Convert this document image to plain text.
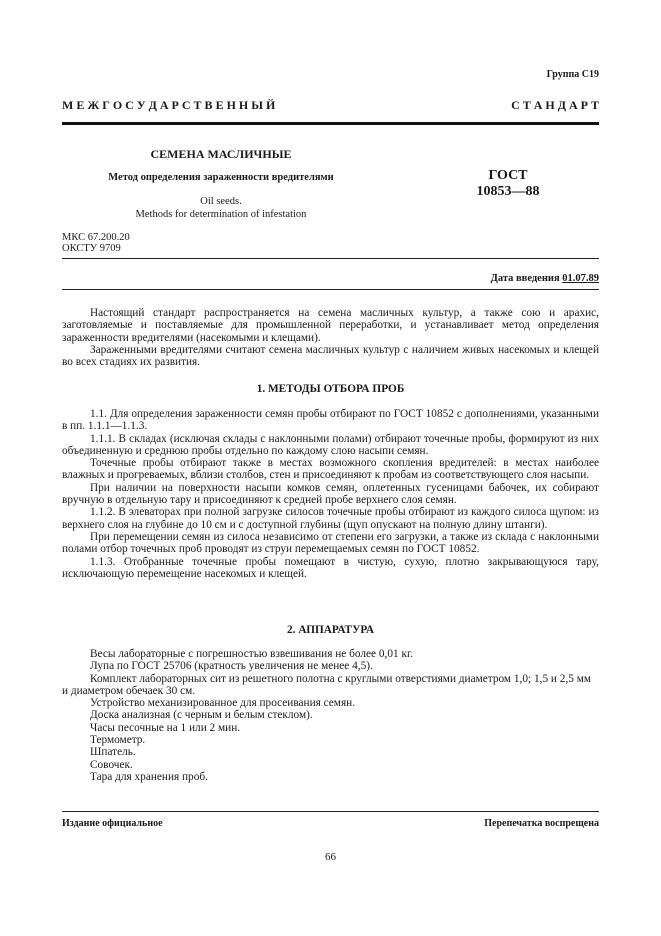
Группа С19
М Е Ж Г О С У Д А Р С Т В Е Н Н Ы Й	С Т А Н Д А Р Т
СЕМЕНА МАСЛИЧНЫЕ
Метод определения зараженности вредителями
Oil seeds.
Methods for determination of infestation
ГОСТ
10853—88
МКС 67.200.20
ОКСТУ 9709
Дата введения 01.07.89

Настоящий стандарт распространяется на семена масличных культур, а также сою и арахис, заготовляемые и поставляемые для промышленной переработки, и устанавливает метод определения зараженности вредителями (насекомыми и клещами).

Зараженными вредителями считают семена масличных культур с наличием живых насекомых и клещей во всех стадиях их развития.

1. МЕТОДЫ ОТБОРА ПРОБ

1.1. Для определения зараженности семян пробы отбирают по ГОСТ 10852 с дополнениями, указанными в пп. 1.1.1—1.1.3.

1.1.1. В складах (исключая склады с наклонными полами) отбирают точечные пробы, формируют из них объединенную и среднюю пробы отдельно по каждому слою насыпи семян.

Точечные пробы отбирают также в местах возможного скопления вредителей: в местах наиболее влажных и прогреваемых, вблизи столбов, стен и присоединяют к пробам из соответствующего слоя насыпи.

При наличии на поверхности насыпи комков семян, оплетенных гусеницами бабочек, их собирают вручную в отдельную тару и присоединяют к средней пробе верхнего слоя семян.

1.1.2. В элеваторах при полной загрузке силосов точечные пробы отбирают из каждого силоса щупом: из верхнего слоя на глубине до 10 см и с доступной глубины (щуп опускают на полную длину штанги).

При перемещении семян из силоса независимо от степени его загрузки, а также из склада с наклонными полами отбор точечных проб проводят из струи перемещаемых семян по ГОСТ 10852.

1.1.3. Отобранные точечные пробы помещают в чистую, сухую, плотно закрывающуюся тару, исключающую перемещение насекомых и клещей.

2. АППАРАТУРА

Весы лабораторные с погрешностью взвешивания не более 0,01 кг.

Лупа по ГОСТ 25706 (кратность увеличения не менее 4,5).

Комплект лабораторных сит из решетного полотна с круглыми отверстиями диаметром 1,0; 1,5 и 2,5 мм и диаметром обечаек 30 см.

Устройство механизированное для просеивания семян.

Доска анализная (с черным и белым стеклом).

Часы песочные на 1 или 2 мин.

Термометр.

Шпатель.

Совочек.

Тара для хранения проб.

Издание официальное	Перепечатка воспрещена
66
